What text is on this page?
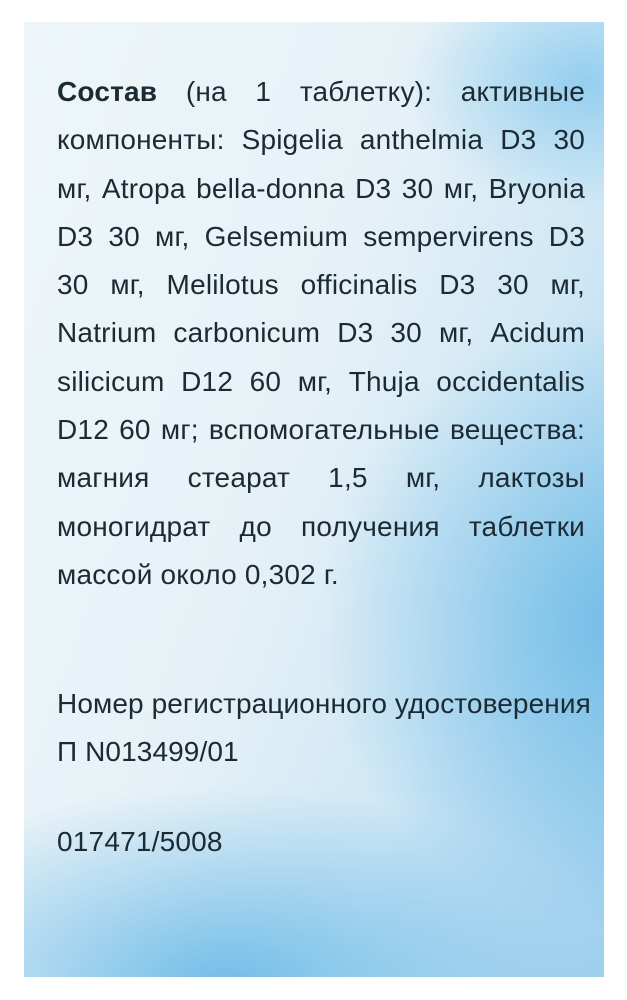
Состав (на 1 таблетку): активные компоненты: Spigelia anthelmia D3 30 мг, Atropa bella-donna D3 30 мг, Bryonia D3 30 мг, Gelsemium sempervirens D3 30 мг, Melilotus officinalis D3 30 мг, Natrium carbonicum D3 30 мг, Acidum silicicum D12 60 мг, Thuja occidentalis D12 60 мг; вспомогательные вещества: магния стеарат 1,5 мг, лактозы моногидрат до получения таблетки массой около 0,302 г.
Номер регистрационного удостоверения
П N013499/01
017471/5008
